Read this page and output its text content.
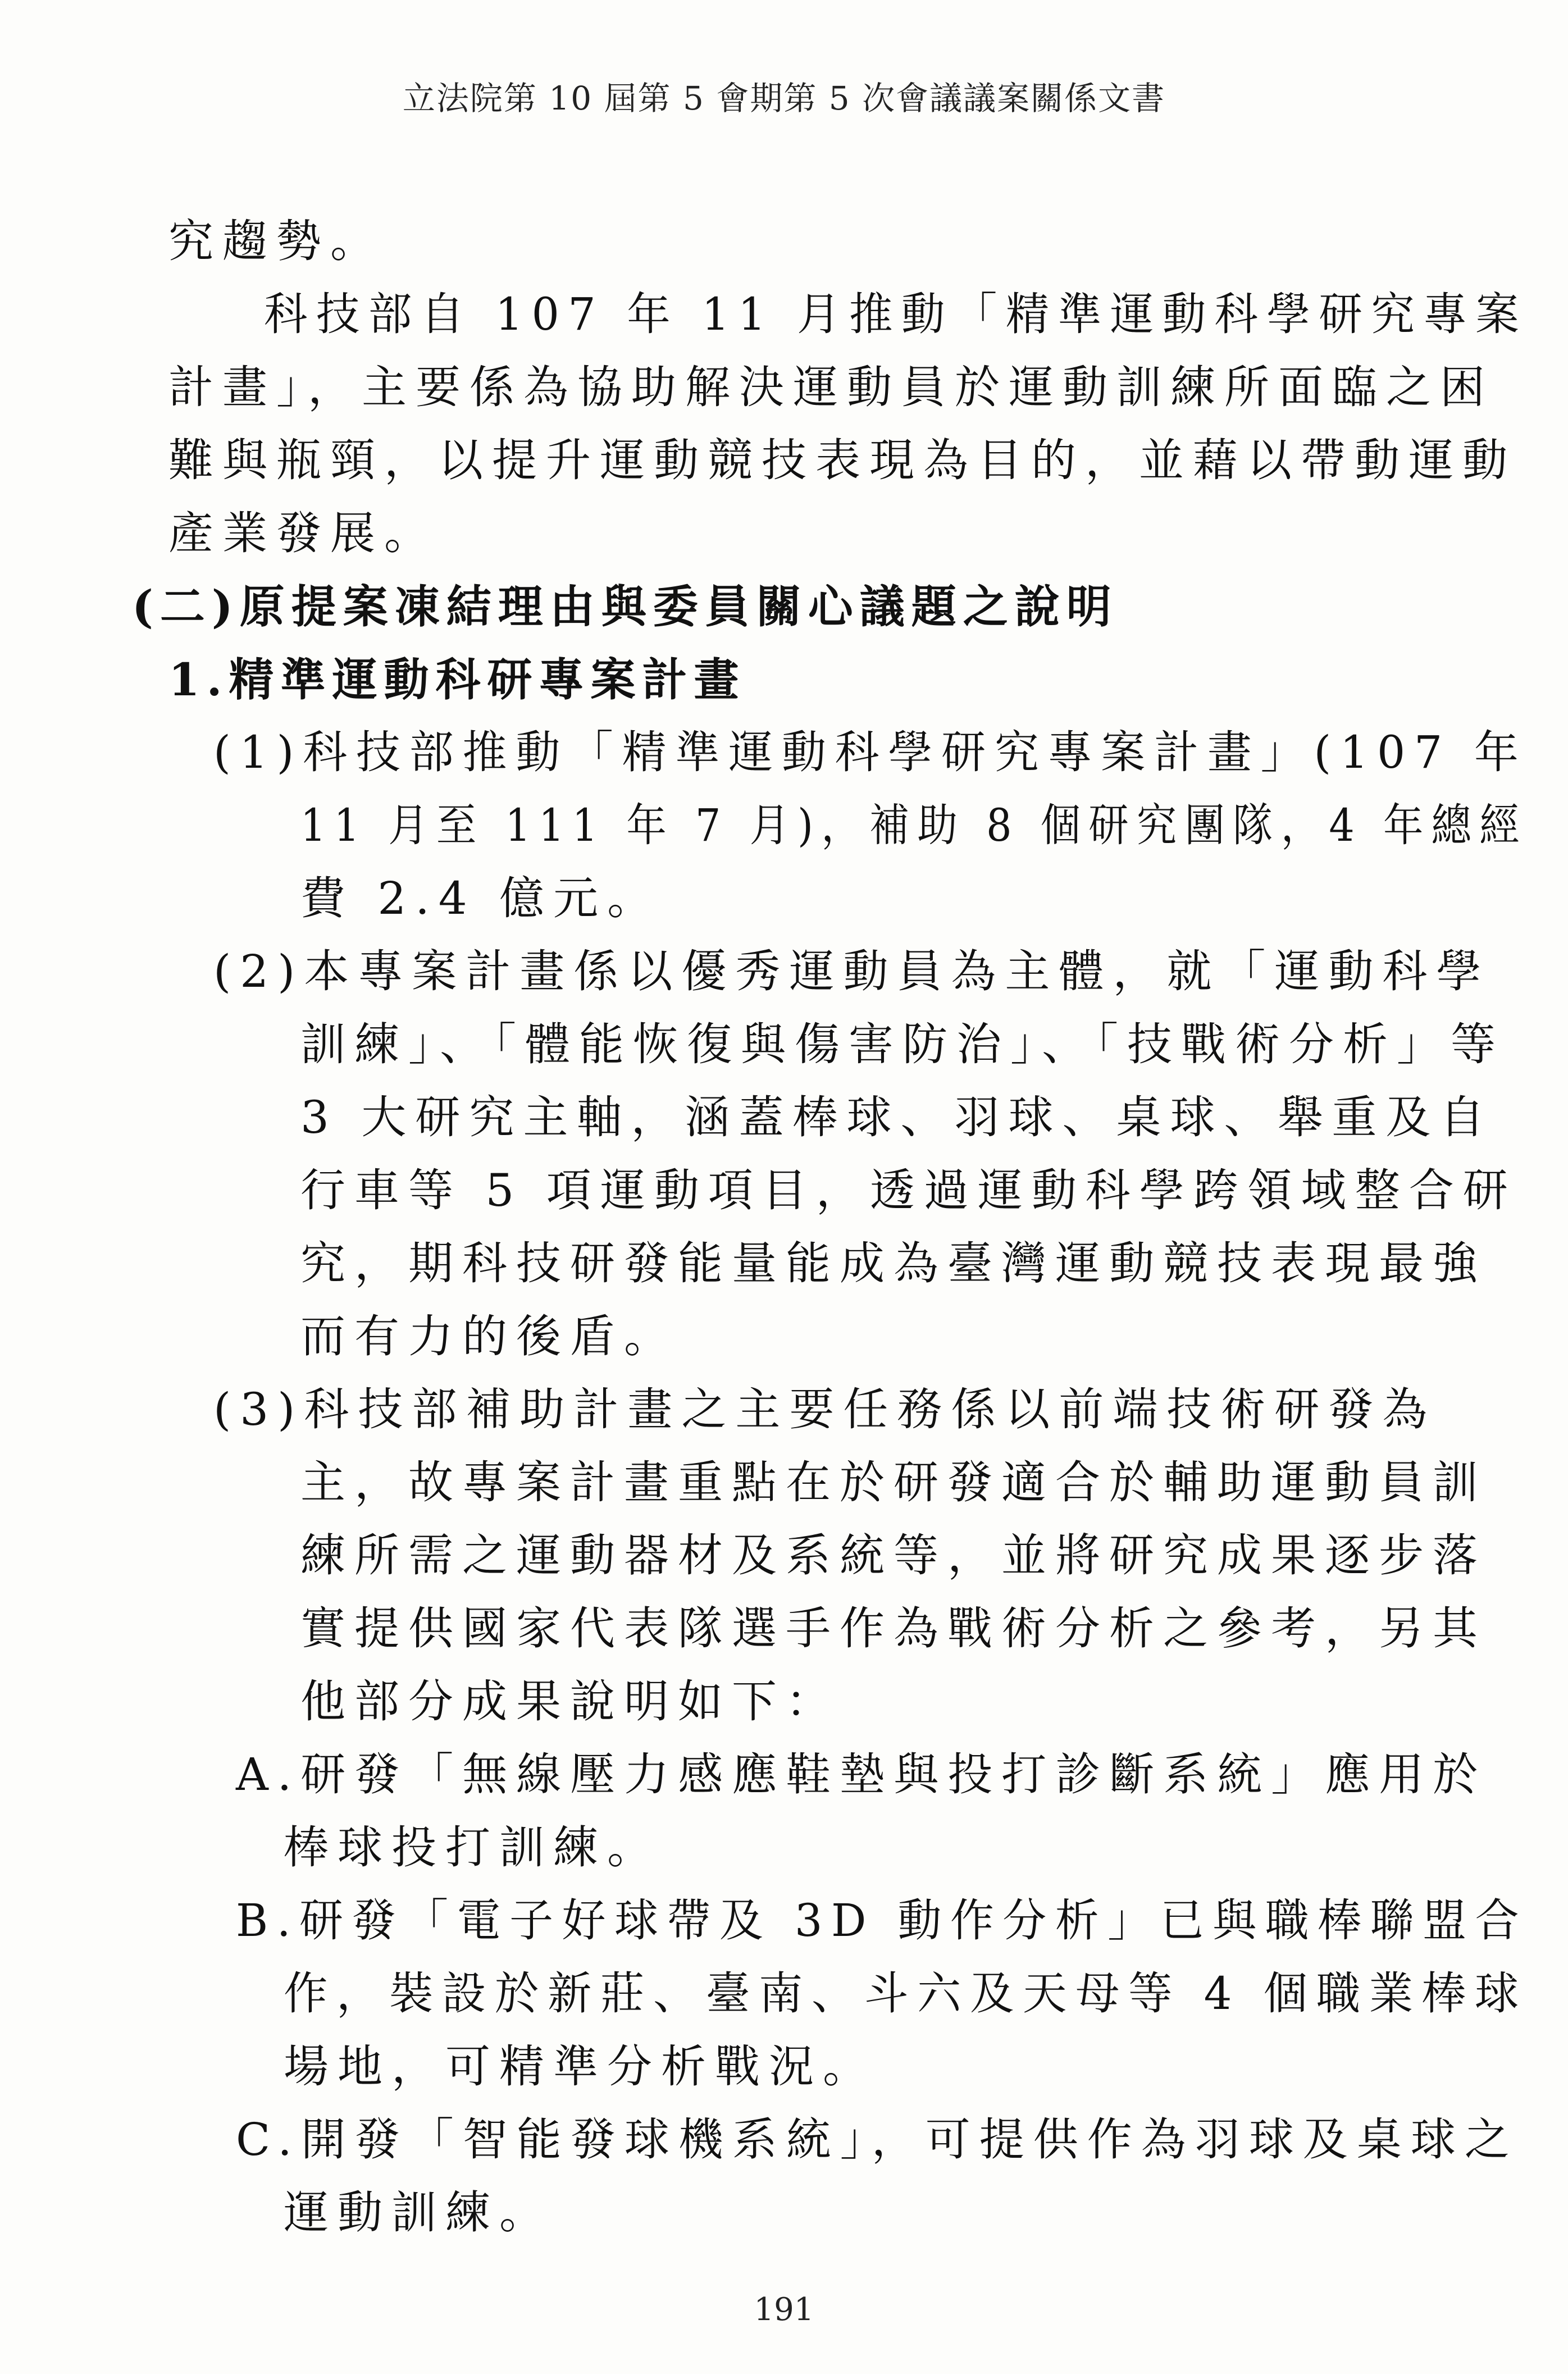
立法院第 10 屆第 5 會期第 5 次會議議案關係文書
究趨勢。
科技部自 107 年 11 月推動「精準運動科學研究專案
計畫」，主要係為協助解決運動員於運動訓練所面臨之困
難與瓶頸，以提升運動競技表現為目的，並藉以帶動運動
產業發展。
(二)原提案凍結理由與委員關心議題之說明
1.精準運動科研專案計畫
(1)科技部推動「精準運動科學研究專案計畫」(107 年
11 月至 111 年 7 月)，補助 8 個研究團隊，4 年總經
費 2.4 億元。
(2)本專案計畫係以優秀運動員為主體，就「運動科學
訓練」、「體能恢復與傷害防治」、「技戰術分析」等
3 大研究主軸，涵蓋棒球、羽球、桌球、舉重及自
行車等 5 項運動項目，透過運動科學跨領域整合研
究，期科技研發能量能成為臺灣運動競技表現最強
而有力的後盾。
(3)科技部補助計畫之主要任務係以前端技術研發為
主，故專案計畫重點在於研發適合於輔助運動員訓
練所需之運動器材及系統等，並將研究成果逐步落
實提供國家代表隊選手作為戰術分析之參考，另其
他部分成果說明如下：
A.研發「無線壓力感應鞋墊與投打診斷系統」應用於
棒球投打訓練。
B.研發「電子好球帶及 3D 動作分析」已與職棒聯盟合
作，裝設於新莊、臺南、斗六及天母等 4 個職業棒球
場地，可精準分析戰況。
C.開發「智能發球機系統」，可提供作為羽球及桌球之
運動訓練。
191
